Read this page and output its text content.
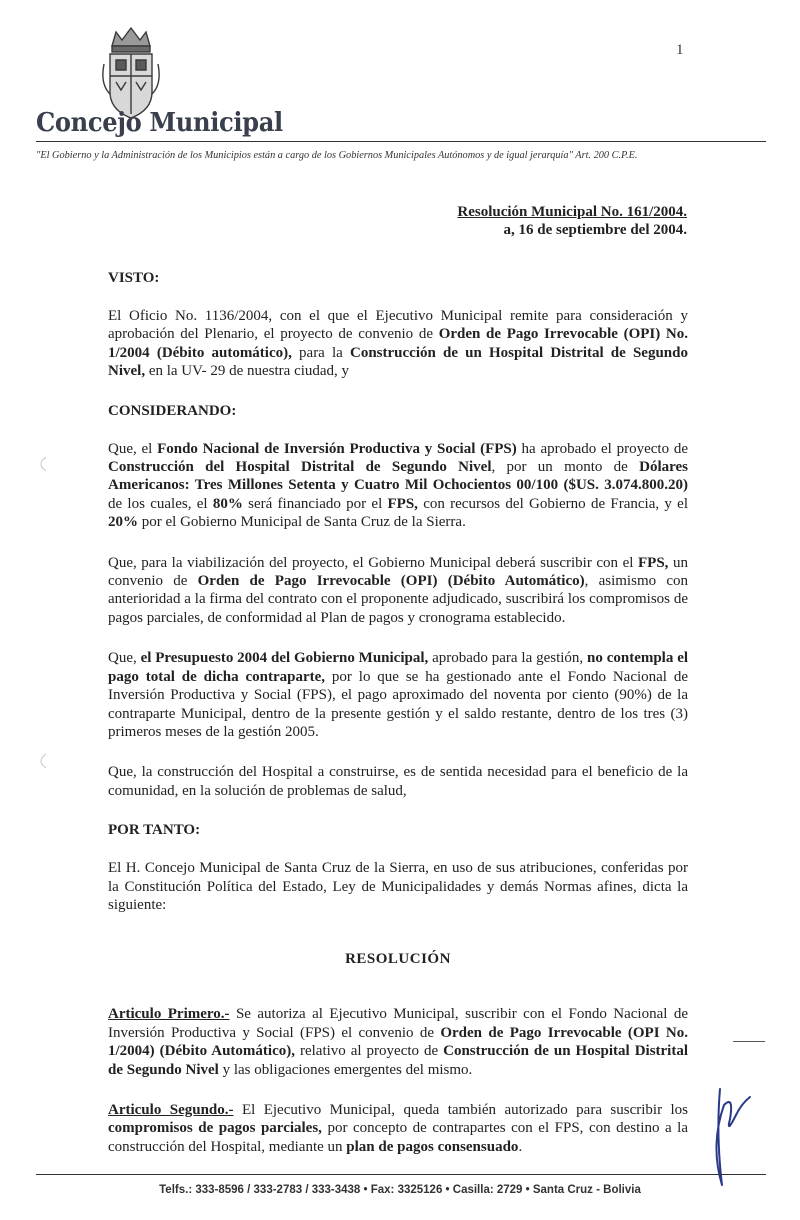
Concejo Municipal
1
"El Gobierno y la Administración de los Municipios están a cargo de los Gobiernos Municipales Autónomos y de igual jerarquía" Art. 200 C.P.E.
Resolución Municipal No. 161/2004.
a, 16 de septiembre del 2004.

VISTO:

El Oficio No. 1136/2004, con el que el Ejecutivo Municipal remite para consideración y aprobación del Plenario, el proyecto de convenio de Orden de Pago Irrevocable (OPI) No. 1/2004 (Débito automático), para la Construcción de un Hospital Distrital de Segundo Nivel, en la UV- 29 de nuestra ciudad, y

CONSIDERANDO:

Que, el Fondo Nacional de Inversión Productiva y Social (FPS) ha aprobado el proyecto de Construcción del Hospital Distrital de Segundo Nivel, por un monto de Dólares Americanos: Tres Millones Setenta y Cuatro Mil Ochocientos 00/100 ($US. 3.074.800.20) de los cuales, el 80% será financiado por el FPS, con recursos del Gobierno de Francia, y el 20% por el Gobierno Municipal de Santa Cruz de la Sierra.

Que, para la viabilización del proyecto, el Gobierno Municipal deberá suscribir con el FPS, un convenio de Orden de Pago Irrevocable (OPI) (Débito Automático), asimismo con anterioridad a la firma del contrato con el proponente adjudicado, suscribirá los compromisos de pagos parciales, de conformidad al Plan de pagos y cronograma establecido.

Que, el Presupuesto 2004 del Gobierno Municipal, aprobado para la gestión, no contempla el pago total de dicha contraparte, por lo que se ha gestionado ante el Fondo Nacional de Inversión Productiva y Social (FPS), el pago aproximado del noventa por ciento (90%) de la contraparte Municipal, dentro de la presente gestión y el saldo restante, dentro de los tres (3) primeros meses de la gestión 2005.

Que, la construcción del Hospital a construirse, es de sentida necesidad para el beneficio de la comunidad, en la solución de problemas de salud,

POR TANTO:

El H. Concejo Municipal de Santa Cruz de la Sierra, en uso de sus atribuciones, conferidas por la Constitución Política del Estado, Ley de Municipalidades y demás Normas afines, dicta la siguiente:

RESOLUCIÓN

Articulo Primero.- Se autoriza al Ejecutivo Municipal, suscribir con el Fondo Nacional de Inversión Productiva y Social (FPS) el convenio de Orden de Pago Irrevocable (OPI No. 1/2004) (Débito Automático), relativo al proyecto de Construcción de un Hospital Distrital de Segundo Nivel y las obligaciones emergentes del mismo.

Articulo Segundo.- El Ejecutivo Municipal, queda también autorizado para suscribir los compromisos de pagos parciales, por concepto de contrapartes con el FPS, con destino a la construcción del Hospital, mediante un plan de pagos consensuado.

Telfs.: 333-8596 / 333-2783 / 333-3438 • Fax: 3325126 • Casilla: 2729 • Santa Cruz - Bolivia
